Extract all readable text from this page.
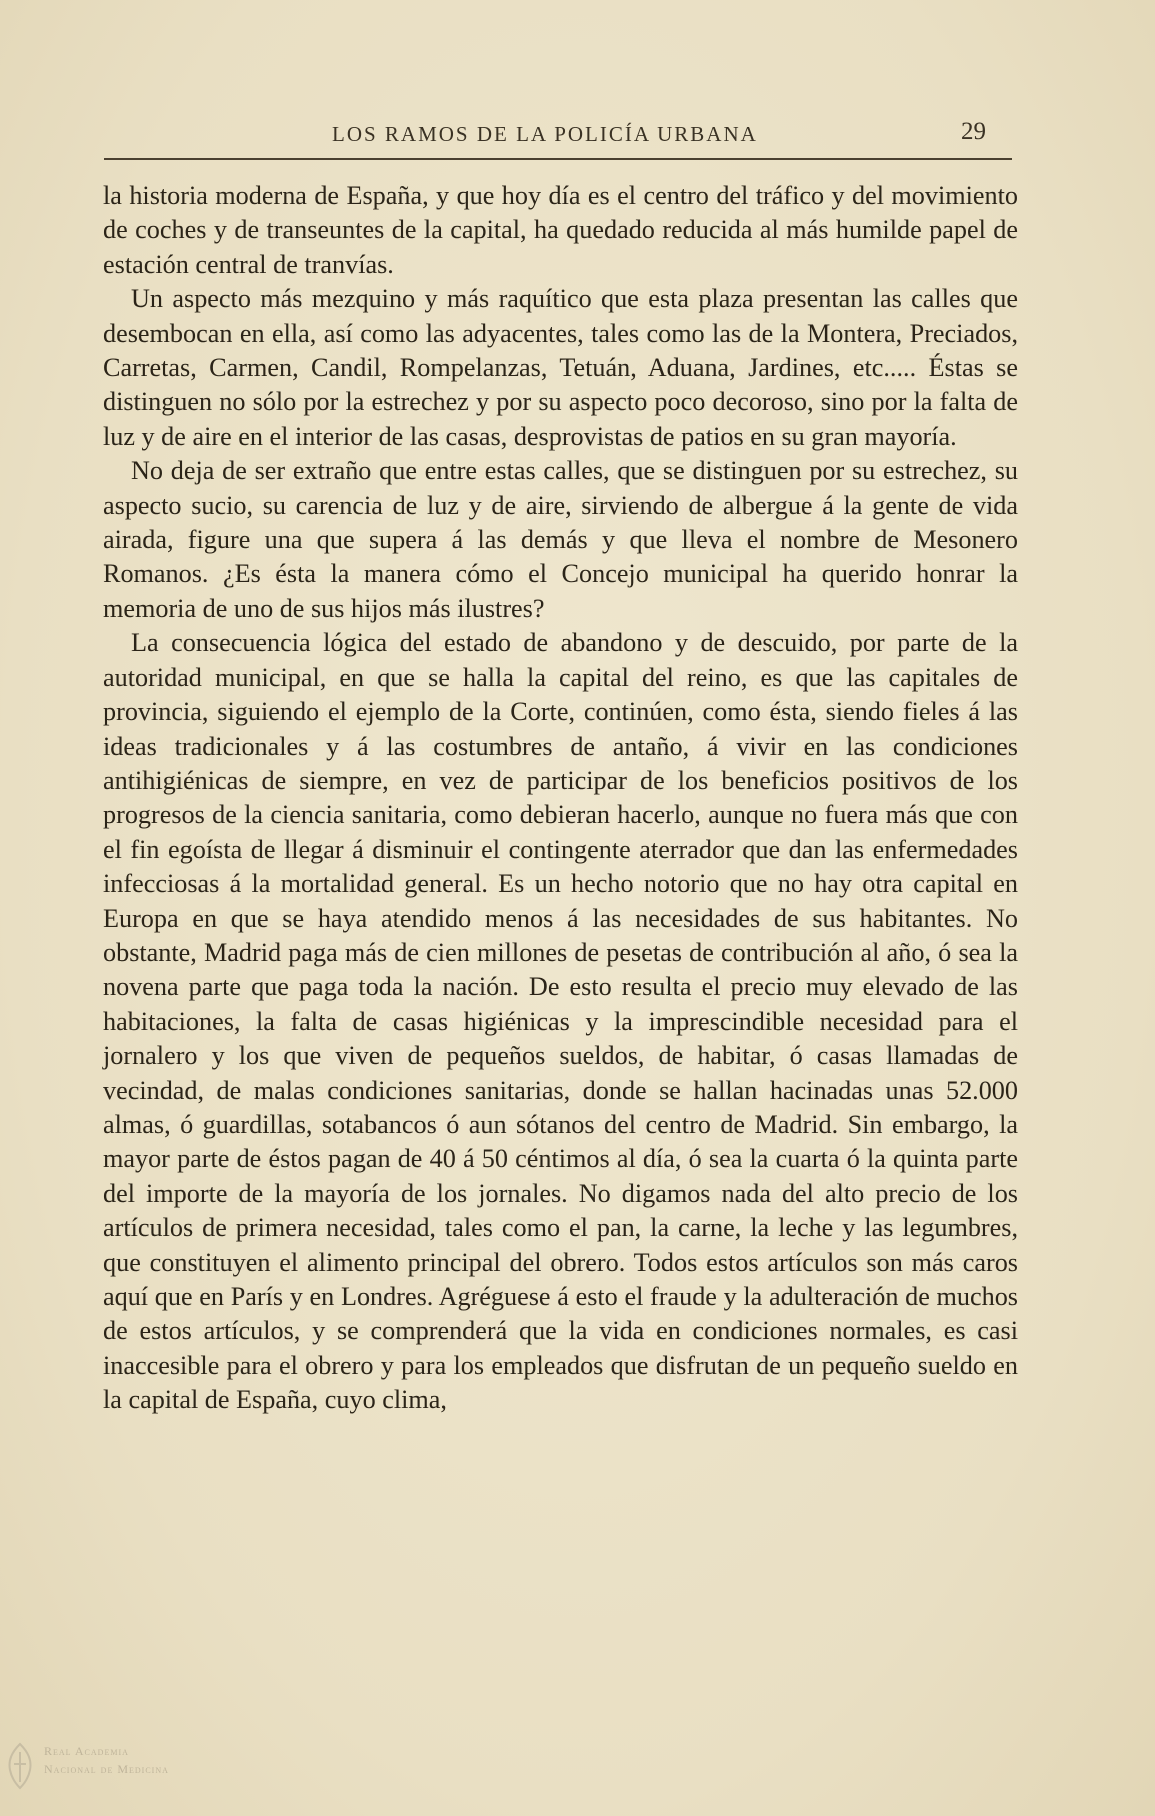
LOS RAMOS DE LA POLICÍA URBANA	29

la historia moderna de España, y que hoy día es el centro del tráfico y del movimiento de coches y de transeuntes de la capital, ha quedado reducida al más humilde papel de estación central de tranvías.

Un aspecto más mezquino y más raquítico que esta plaza presentan las calles que desembocan en ella, así como las adyacentes, tales como las de la Montera, Preciados, Carretas, Carmen, Candil, Rompelanzas, Tetuán, Aduana, Jardines, etc..... Éstas se distinguen no sólo por la estrechez y por su aspecto poco decoroso, sino por la falta de luz y de aire en el interior de las casas, desprovistas de patios en su gran mayoría.

No deja de ser extraño que entre estas calles, que se distinguen por su estrechez, su aspecto sucio, su carencia de luz y de aire, sirviendo de albergue á la gente de vida airada, figure una que supera á las demás y que lleva el nombre de Mesonero Romanos. ¿Es ésta la manera cómo el Concejo municipal ha querido honrar la memoria de uno de sus hijos más ilustres?

La consecuencia lógica del estado de abandono y de descuido, por parte de la autoridad municipal, en que se halla la capital del reino, es que las capitales de provincia, siguiendo el ejemplo de la Corte, continúen, como ésta, siendo fieles á las ideas tradicionales y á las costumbres de antaño, á vivir en las condiciones antihigiénicas de siempre, en vez de participar de los beneficios positivos de los progresos de la ciencia sanitaria, como debieran hacerlo, aunque no fuera más que con el fin egoísta de llegar á disminuir el contingente aterrador que dan las enfermedades infecciosas á la mortalidad general. Es un hecho notorio que no hay otra capital en Europa en que se haya atendido menos á las necesidades de sus habitantes. No obstante, Madrid paga más de cien millones de pesetas de contribución al año, ó sea la novena parte que paga toda la nación. De esto resulta el precio muy elevado de las habitaciones, la falta de casas higiénicas y la imprescindible necesidad para el jornalero y los que viven de pequeños sueldos, de habitar, ó casas llamadas de vecindad, de malas condiciones sanitarias, donde se hallan hacinadas unas 52.000 almas, ó guardillas, sotabancos ó aun sótanos del centro de Madrid. Sin embargo, la mayor parte de éstos pagan de 40 á 50 céntimos al día, ó sea la cuarta ó la quinta parte del importe de la mayoría de los jornales. No digamos nada del alto precio de los artículos de primera necesidad, tales como el pan, la carne, la leche y las legumbres, que constituyen el alimento principal del obrero. Todos estos artículos son más caros aquí que en París y en Londres. Agréguese á esto el fraude y la adulteración de muchos de estos artículos, y se comprenderá que la vida en condiciones normales, es casi inaccesible para el obrero y para los empleados que disfrutan de un pequeño sueldo en la capital de España, cuyo clima,

Real Academia
Nacional de Medicina
